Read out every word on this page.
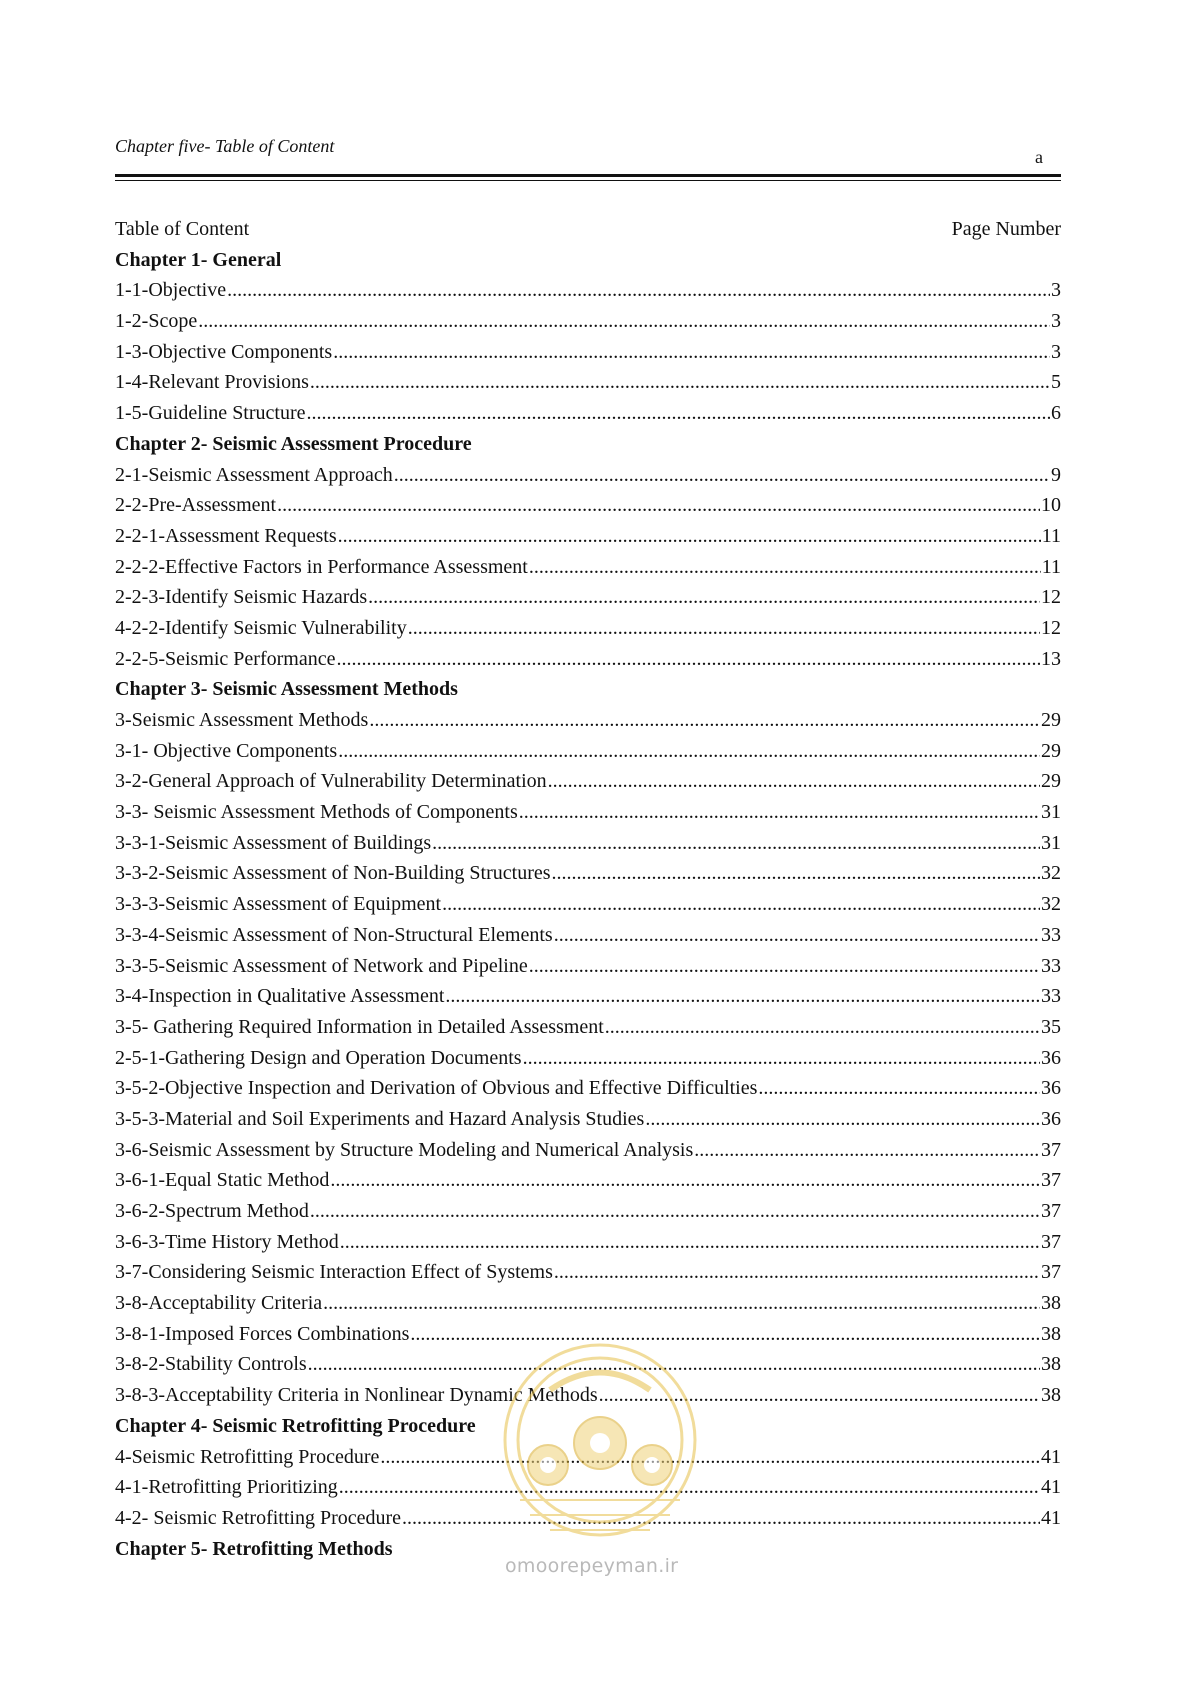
Chapter five- Table of Content
a
Table of Content	Page Number
Chapter 1- General
1-1-Objective .....	3
1-2-Scope .....	3
1-3-Objective Components .....	3
1-4-Relevant Provisions .....	5
1-5-Guideline Structure .....	6
Chapter 2- Seismic Assessment Procedure
2-1-Seismic Assessment Approach .....	9
2-2-Pre-Assessment .....	10
2-2-1-Assessment Requests .....	11
2-2-2-Effective Factors in Performance Assessment .....	11
2-2-3-Identify Seismic Hazards .....	12
4-2-2-Identify Seismic Vulnerability .....	12
2-2-5-Seismic Performance .....	13
Chapter 3- Seismic Assessment Methods
3-Seismic Assessment Methods .....	29
3-1- Objective Components .....	29
3-2-General Approach of Vulnerability Determination .....	29
3-3- Seismic Assessment Methods of Components .....	31
3-3-1-Seismic Assessment of Buildings .....	31
3-3-2-Seismic Assessment of Non-Building Structures .....	32
3-3-3-Seismic Assessment of Equipment .....	32
3-3-4-Seismic Assessment of Non-Structural Elements .....	33
3-3-5-Seismic Assessment of Network and Pipeline .....	33
3-4-Inspection in Qualitative Assessment .....	33
3-5- Gathering Required Information in Detailed Assessment .....	35
2-5-1-Gathering Design and Operation Documents .....	36
3-5-2-Objective Inspection and Derivation of Obvious and Effective Difficulties .....	36
3-5-3-Material and Soil Experiments and Hazard Analysis Studies .....	36
3-6-Seismic Assessment by Structure Modeling and Numerical Analysis .....	37
3-6-1-Equal Static Method .....	37
3-6-2-Spectrum Method .....	37
3-6-3-Time History Method .....	37
3-7-Considering Seismic Interaction Effect of Systems .....	37
3-8-Acceptability Criteria .....	38
3-8-1-Imposed Forces Combinations .....	38
3-8-2-Stability Controls .....	38
3-8-3-Acceptability Criteria in Nonlinear Dynamic Methods .....	38
Chapter 4- Seismic Retrofitting Procedure
4-Seismic Retrofitting Procedure .....	41
4-1-Retrofitting Prioritizing .....	41
4-2- Seismic Retrofitting Procedure .....	41
Chapter 5- Retrofitting Methods
omoorepeyman.ir
